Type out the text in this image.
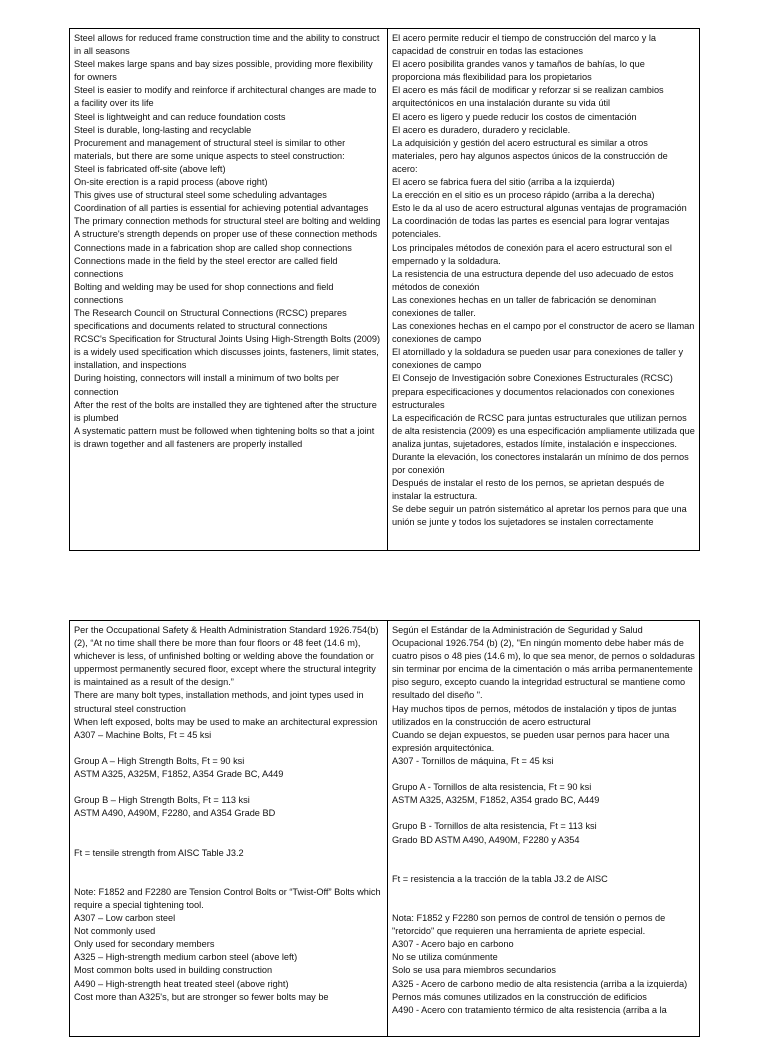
Steel allows for reduced frame construction time and the ability to construct in all seasons
Steel makes large spans and bay sizes possible, providing more flexibility for owners
Steel is easier to modify and reinforce if architectural changes are made to a facility over its life
Steel is lightweight and can reduce foundation costs
Steel is durable, long-lasting and recyclable
Procurement and management of structural steel is similar to other materials, but there are some unique aspects to steel construction:
Steel is fabricated off-site (above left)
On-site erection is a rapid process (above right)
This gives use of structural steel some scheduling advantages
Coordination of all parties is essential for achieving potential advantages
The primary connection methods for structural steel are bolting and welding
A structure's strength depends on proper use of these connection methods
Connections made in a fabrication shop are called shop connections
Connections made in the field by the steel erector are called field connections
Bolting and welding may be used for shop connections and field connections
The Research Council on Structural Connections (RCSC) prepares specifications and documents related to structural connections
RCSC's Specification for Structural Joints Using High-Strength Bolts (2009) is a widely used specification which discusses joints, fasteners, limit states, installation, and inspections
During hoisting, connectors will install a minimum of two bolts per connection
After the rest of the bolts are installed they are tightened after the structure is plumbed
A systematic pattern must be followed when tightening bolts so that a joint is drawn together and all fasteners are properly installed

El acero permite reducir el tiempo de construcción del marco y la capacidad de construir en todas las estaciones
El acero posibilita grandes vanos y tamaños de bahías, lo que proporciona más flexibilidad para los propietarios
El acero es más fácil de modificar y reforzar si se realizan cambios arquitectónicos en una instalación durante su vida útil
El acero es ligero y puede reducir los costos de cimentación
El acero es duradero, duradero y reciclable.
La adquisición y gestión del acero estructural es similar a otros materiales, pero hay algunos aspectos únicos de la construcción de acero:
El acero se fabrica fuera del sitio (arriba a la izquierda)
La erección en el sitio es un proceso rápido (arriba a la derecha)
Esto le da al uso de acero estructural algunas ventajas de programación
La coordinación de todas las partes es esencial para lograr ventajas potenciales.
Los principales métodos de conexión para el acero estructural son el empernado y la soldadura.
La resistencia de una estructura depende del uso adecuado de estos métodos de conexión
Las conexiones hechas en un taller de fabricación se denominan conexiones de taller.
Las conexiones hechas en el campo por el constructor de acero se llaman conexiones de campo
El atornillado y la soldadura se pueden usar para conexiones de taller y conexiones de campo
El Consejo de Investigación sobre Conexiones Estructurales (RCSC) prepara especificaciones y documentos relacionados con conexiones estructurales
La especificación de RCSC para juntas estructurales que utilizan pernos de alta resistencia (2009) es una especificación ampliamente utilizada que analiza juntas, sujetadores, estados límite, instalación e inspecciones.
Durante la elevación, los conectores instalarán un mínimo de dos pernos por conexión
Después de instalar el resto de los pernos, se aprietan después de instalar la estructura.
Se debe seguir un patrón sistemático al apretar los pernos para que una unión se junte y todos los sujetadores se instalen correctamente
Per the Occupational Safety & Health Administration Standard 1926.754(b)(2), “At no time shall there be more than four floors or 48 feet (14.6 m), whichever is less, of unfinished bolting or welding above the foundation or uppermost permanently secured floor, except where the structural integrity is maintained as a result of the design.”
There are many bolt types, installation methods, and joint types used in structural steel construction
When left exposed, bolts may be used to make an architectural expression
A307 – Machine Bolts, Ft = 45 ksi
Group A – High Strength Bolts, Ft = 90 ksi
ASTM A325, A325M, F1852, A354 Grade BC, A449
Group B – High Strength Bolts, Ft = 113 ksi
ASTM A490, A490M, F2280, and A354 Grade BD
Ft = tensile strength from AISC Table J3.2
Note: F1852 and F2280 are Tension Control Bolts or “Twist-Off” Bolts which require a special tightening tool.
A307 – Low carbon steel
Not commonly used
Only used for secondary members
A325 – High-strength medium carbon steel (above left)
Most common bolts used in building construction
A490 – High-strength heat treated steel (above right)
Cost more than A325's, but are stronger so fewer bolts may be

Según el Estándar de la Administración de Seguridad y Salud Ocupacional 1926.754 (b) (2), "En ningún momento debe haber más de cuatro pisos o 48 pies (14.6 m), lo que sea menor, de pernos o soldaduras sin terminar por encima de la cimentación o más arriba permanentemente piso seguro, excepto cuando la integridad estructural se mantiene como resultado del diseño ".
Hay muchos tipos de pernos, métodos de instalación y tipos de juntas utilizados en la construcción de acero estructural
Cuando se dejan expuestos, se pueden usar pernos para hacer una expresión arquitectónica.
A307 - Tornillos de máquina, Ft = 45 ksi
Grupo A - Tornillos de alta resistencia, Ft = 90 ksi
ASTM A325, A325M, F1852, A354 grado BC, A449
Grupo B - Tornillos de alta resistencia, Ft = 113 ksi
Grado BD ASTM A490, A490M, F2280 y A354
Ft = resistencia a la tracción de la tabla J3.2 de AISC
Nota: F1852 y F2280 son pernos de control de tensión o pernos de "retorcido" que requieren una herramienta de apriete especial.
A307 - Acero bajo en carbono
No se utiliza comúnmente
Solo se usa para miembros secundarios
A325 - Acero de carbono medio de alta resistencia (arriba a la izquierda)
Pernos más comunes utilizados en la construcción de edificios
A490 - Acero con tratamiento térmico de alta resistencia (arriba a la
